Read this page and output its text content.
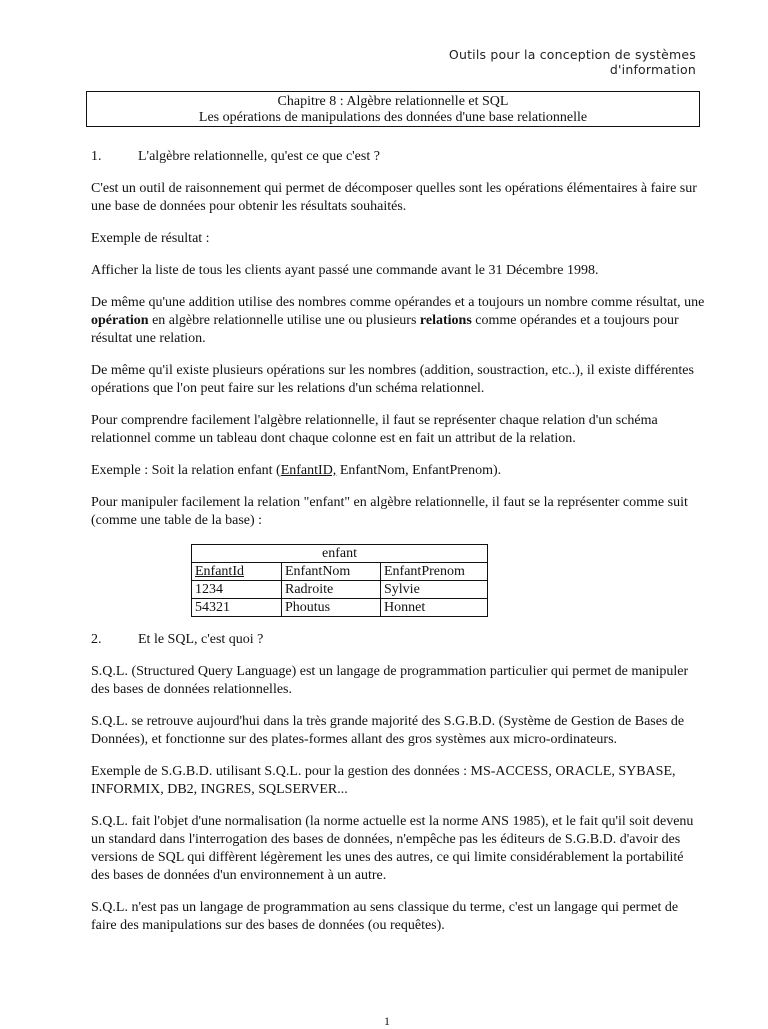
Outils pour la conception de systèmes d'information
Chapitre 8 : Algèbre relationnelle et SQL
Les opérations de manipulations des données d'une base relationnelle
1.	L'algèbre relationnelle, qu'est ce que c'est ?

C'est un outil de raisonnement qui permet de décomposer quelles sont les opérations élémentaires à faire sur une base de données pour obtenir les résultats souhaités.

Exemple de résultat :

Afficher la liste de tous les clients ayant passé une commande avant le 31 Décembre 1998.

De même qu'une addition utilise des nombres comme opérandes et a toujours un nombre comme résultat, une opération en algèbre relationnelle utilise une ou plusieurs relations comme opérandes et a toujours pour résultat une relation.

De même qu'il existe plusieurs opérations sur les nombres (addition, soustraction, etc..), il existe différentes opérations que l'on peut faire sur les relations d'un schéma relationnel.

Pour comprendre facilement l'algèbre relationnelle, il faut se représenter chaque relation d'un schéma relationnel comme un tableau dont chaque colonne est en fait un attribut de la relation.

Exemple : Soit la relation enfant (EnfantID, EnfantNom, EnfantPrenom).

Pour manipuler facilement la relation "enfant" en algèbre relationnelle, il faut se la représenter comme suit (comme une table de la base) :

enfant		
EnfantId	EnfantNom	EnfantPrenom
1234	Radroite	Sylvie
54321	Phoutus	Honnet
2.	Et le SQL, c'est quoi ?

S.Q.L. (Structured Query Language) est un langage de programmation particulier qui permet de manipuler des bases de données relationnelles.

S.Q.L. se retrouve aujourd'hui dans la très grande majorité des S.G.B.D. (Système de Gestion de Bases de Données), et fonctionne sur des plates-formes allant des gros systèmes aux micro-ordinateurs.

Exemple de S.G.B.D. utilisant S.Q.L. pour la gestion des données : MS-ACCESS, ORACLE, SYBASE, INFORMIX, DB2, INGRES, SQLSERVER...

S.Q.L. fait l'objet d'une normalisation (la norme actuelle est la norme ANS 1985), et le fait qu'il soit devenu un standard dans l'interrogation des bases de données, n'empêche pas les éditeurs de S.G.B.D. d'avoir des versions de SQL qui diffèrent légèrement les unes des autres, ce qui limite considérablement la portabilité des bases de données d'un environnement à un autre.

S.Q.L. n'est pas un langage de programmation au sens classique du terme, c'est un langage qui permet de faire des manipulations sur des bases de données (ou requêtes).

1
